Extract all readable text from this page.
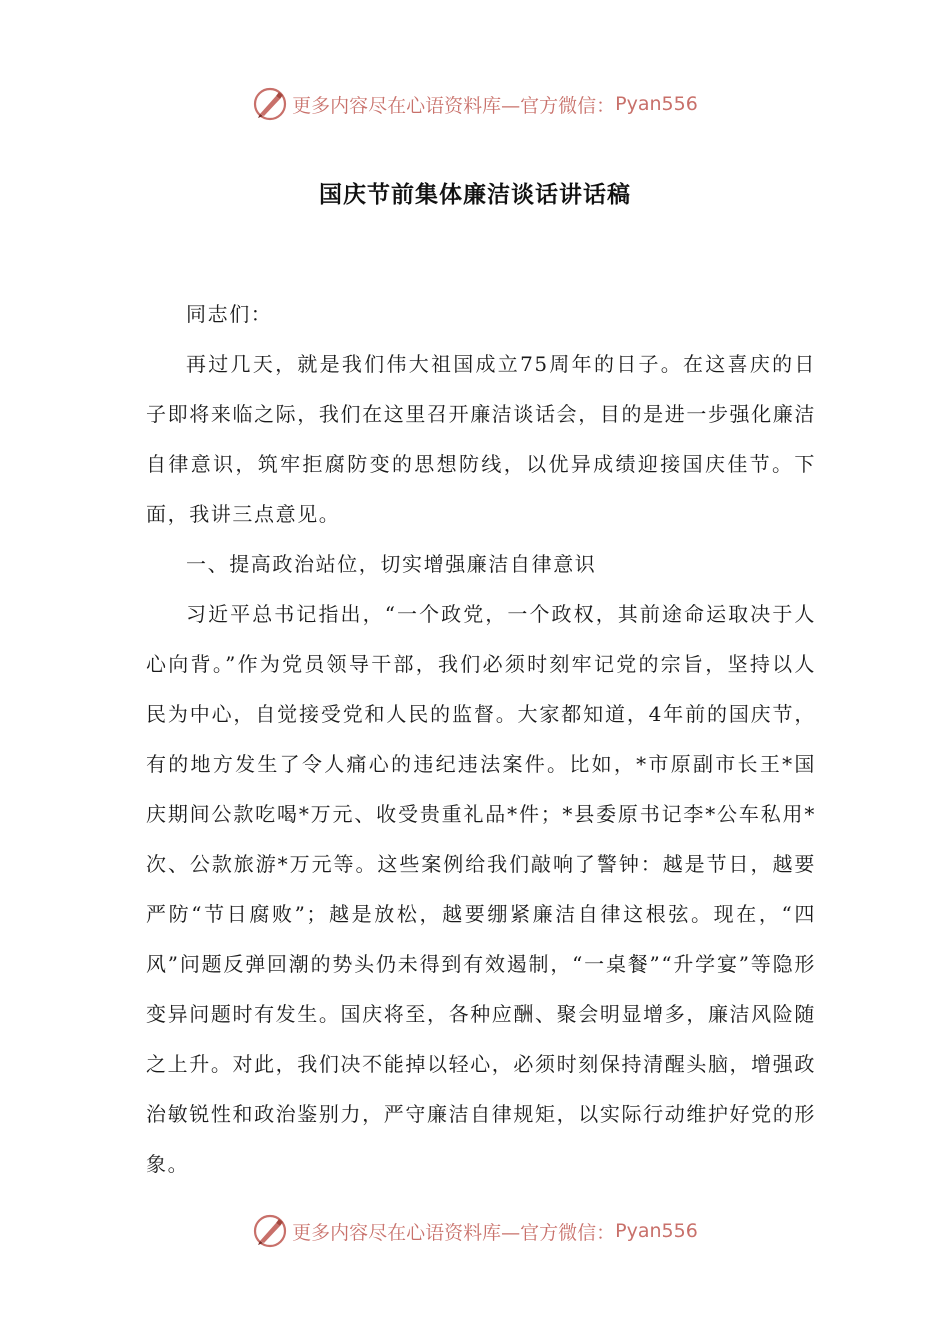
更多内容尽在心语资料库—官方微信： Pyan556
国庆节前集体廉洁谈话讲话稿

同志们：

再过几天，就是我们伟大祖国成立75周年的日子。在这喜庆的日子即将来临之际，我们在这里召开廉洁谈话会，目的是进一步强化廉洁自律意识，筑牢拒腐防变的思想防线，以优异成绩迎接国庆佳节。下面，我讲三点意见。

一、提高政治站位，切实增强廉洁自律意识

习近平总书记指出，“一个政党，一个政权，其前途命运取决于人心向背。”作为党员领导干部，我们必须时刻牢记党的宗旨，坚持以人民为中心，自觉接受党和人民的监督。大家都知道，4年前的国庆节，有的地方发生了令人痛心的违纪违法案件。比如，*市原副市长王*国庆期间公款吃喝*万元、收受贵重礼品*件；*县委原书记李*公车私用*次、公款旅游*万元等。这些案例给我们敲响了警钟：越是节日，越要严防“节日腐败”；越是放松，越要绷紧廉洁自律这根弦。现在，“四风”问题反弹回潮的势头仍未得到有效遏制，“一桌餐”“升学宴”等隐形变异问题时有发生。国庆将至，各种应酬、聚会明显增多，廉洁风险随之上升。对此，我们决不能掉以轻心，必须时刻保持清醒头脑，增强政治敏锐性和政治鉴别力，严守廉洁自律规矩，以实际行动维护好党的形象。

更多内容尽在心语资料库—官方微信： Pyan556
